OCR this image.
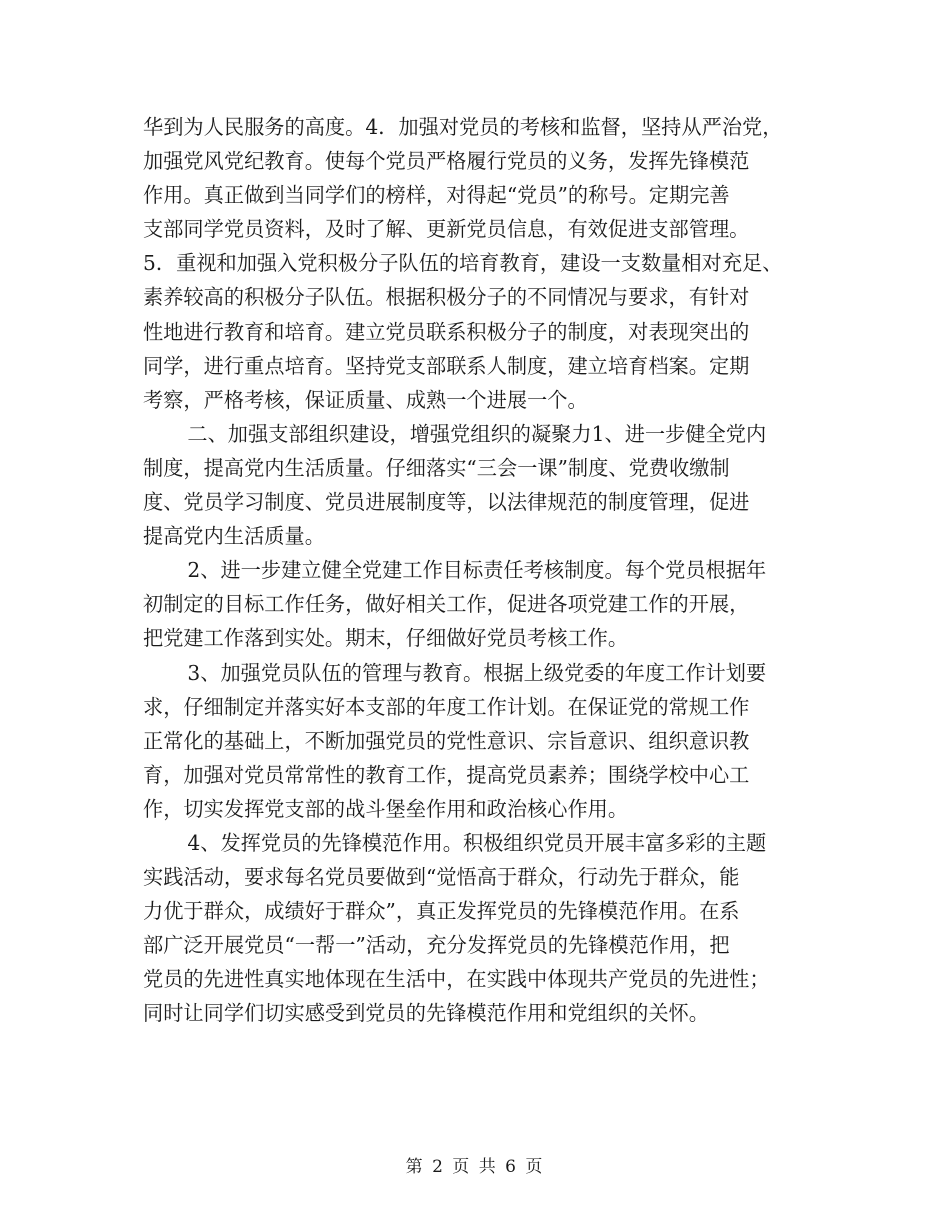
华到为人民服务的高度。4．加强对党员的考核和监督，坚持从严治党，
加强党风党纪教育。使每个党员严格履行党员的义务，发挥先锋模范
作用。真正做到当同学们的榜样，对得起“党员”的称号。定期完善
支部同学党员资料，及时了解、更新党员信息，有效促进支部管理。
5．重视和加强入党积极分子队伍的培育教育，建设一支数量相对充足、
素养较高的积极分子队伍。根据积极分子的不同情况与要求，有针对
性地进行教育和培育。建立党员联系积极分子的制度，对表现突出的
同学，进行重点培育。坚持党支部联系人制度，建立培育档案。定期
考察，严格考核，保证质量、成熟一个进展一个。
二、加强支部组织建设，增强党组织的凝聚力1、进一步健全党内
制度，提高党内生活质量。仔细落实“三会一课”制度、党费收缴制
度、党员学习制度、党员进展制度等，以法律规范的制度管理，促进
提高党内生活质量。
2、进一步建立健全党建工作目标责任考核制度。每个党员根据年
初制定的目标工作任务，做好相关工作，促进各项党建工作的开展，
把党建工作落到实处。期末，仔细做好党员考核工作。
3、加强党员队伍的管理与教育。根据上级党委的年度工作计划要
求，仔细制定并落实好本支部的年度工作计划。在保证党的常规工作
正常化的基础上，不断加强党员的党性意识、宗旨意识、组织意识教
育，加强对党员常常性的教育工作，提高党员素养；围绕学校中心工
作，切实发挥党支部的战斗堡垒作用和政治核心作用。
4、发挥党员的先锋模范作用。积极组织党员开展丰富多彩的主题
实践活动，要求每名党员要做到“觉悟高于群众，行动先于群众，能
力优于群众，成绩好于群众”，真正发挥党员的先锋模范作用。在系
部广泛开展党员“一帮一”活动，充分发挥党员的先锋模范作用，把
党员的先进性真实地体现在生活中，在实践中体现共产党员的先进性；
同时让同学们切实感受到党员的先锋模范作用和党组织的关怀。
第 2 页 共 6 页
